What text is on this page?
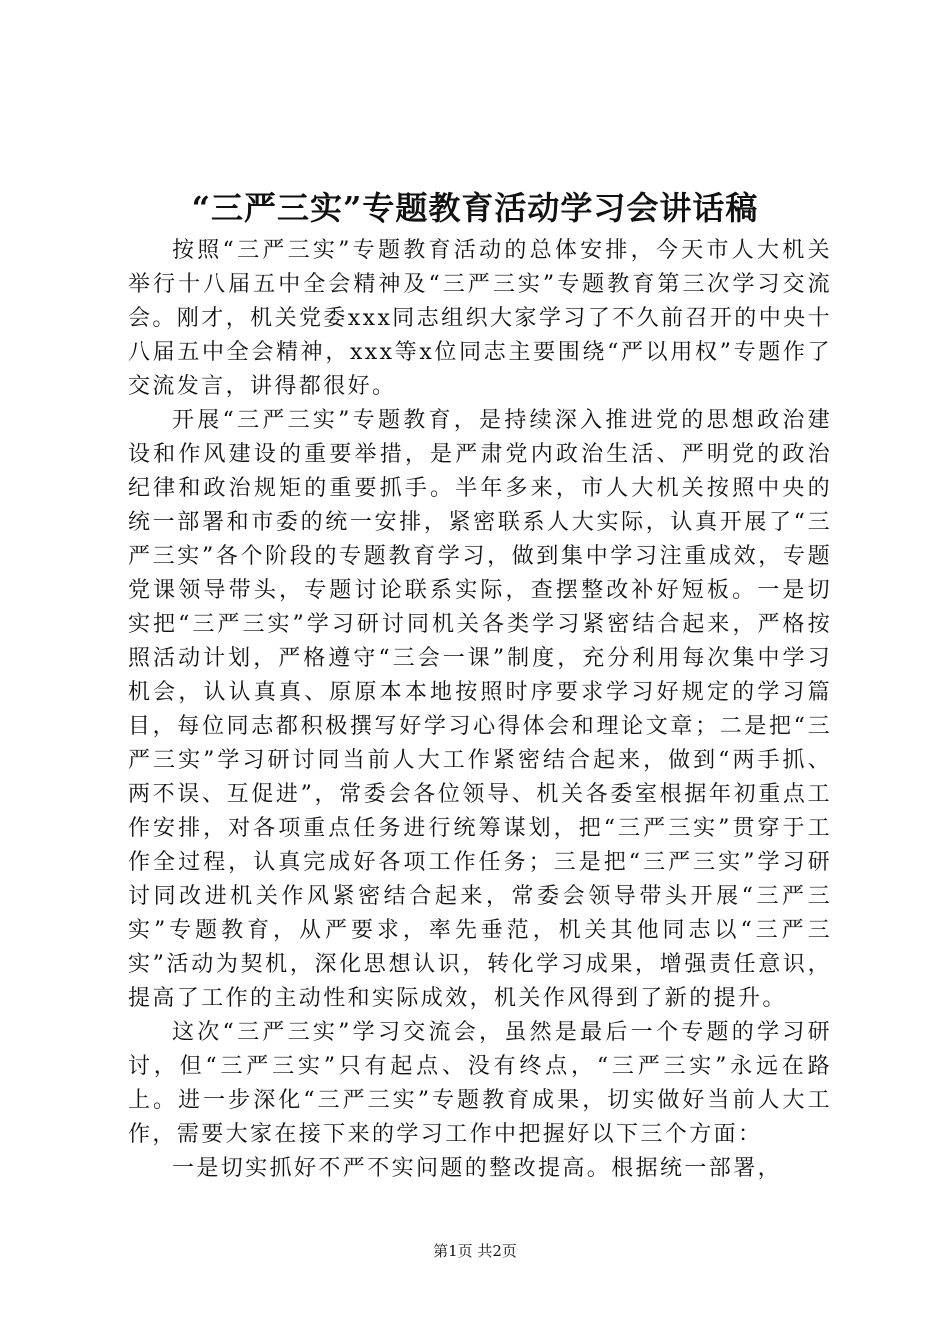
“三严三实”专题教育活动学习会讲话稿

按照“三严三实”专题教育活动的总体安排，今天市人大机关举行十八届五中全会精神及“三严三实”专题教育第三次学习交流会。刚才，机关党委xxx同志组织大家学习了不久前召开的中央十八届五中全会精神，xxx等x位同志主要围绕“严以用权”专题作了交流发言，讲得都很好。

开展“三严三实”专题教育，是持续深入推进党的思想政治建设和作风建设的重要举措，是严肃党内政治生活、严明党的政治纪律和政治规矩的重要抓手。半年多来，市人大机关按照中央的统一部署和市委的统一安排，紧密联系人大实际，认真开展了“三严三实”各个阶段的专题教育学习，做到集中学习注重成效，专题党课领导带头，专题讨论联系实际，查摆整改补好短板。一是切实把“三严三实”学习研讨同机关各类学习紧密结合起来，严格按照活动计划，严格遵守“三会一课”制度，充分利用每次集中学习机会，认认真真、原原本本地按照时序要求学习好规定的学习篇目，每位同志都积极撰写好学习心得体会和理论文章；二是把“三严三实”学习研讨同当前人大工作紧密结合起来，做到“两手抓、两不误、互促进”，常委会各位领导、机关各委室根据年初重点工作安排，对各项重点任务进行统筹谋划，把“三严三实”贯穿于工作全过程，认真完成好各项工作任务；三是把“三严三实”学习研讨同改进机关作风紧密结合起来，常委会领导带头开展“三严三实”专题教育，从严要求，率先垂范，机关其他同志以“三严三实”活动为契机，深化思想认识，转化学习成果，增强责任意识，提高了工作的主动性和实际成效，机关作风得到了新的提升。

这次“三严三实”学习交流会，虽然是最后一个专题的学习研讨，但“三严三实”只有起点、没有终点，“三严三实”永远在路上。进一步深化“三严三实”专题教育成果，切实做好当前人大工作，需要大家在接下来的学习工作中把握好以下三个方面：

一是切实抓好不严不实问题的整改提高。根据统一部署，

第1页 共2页
